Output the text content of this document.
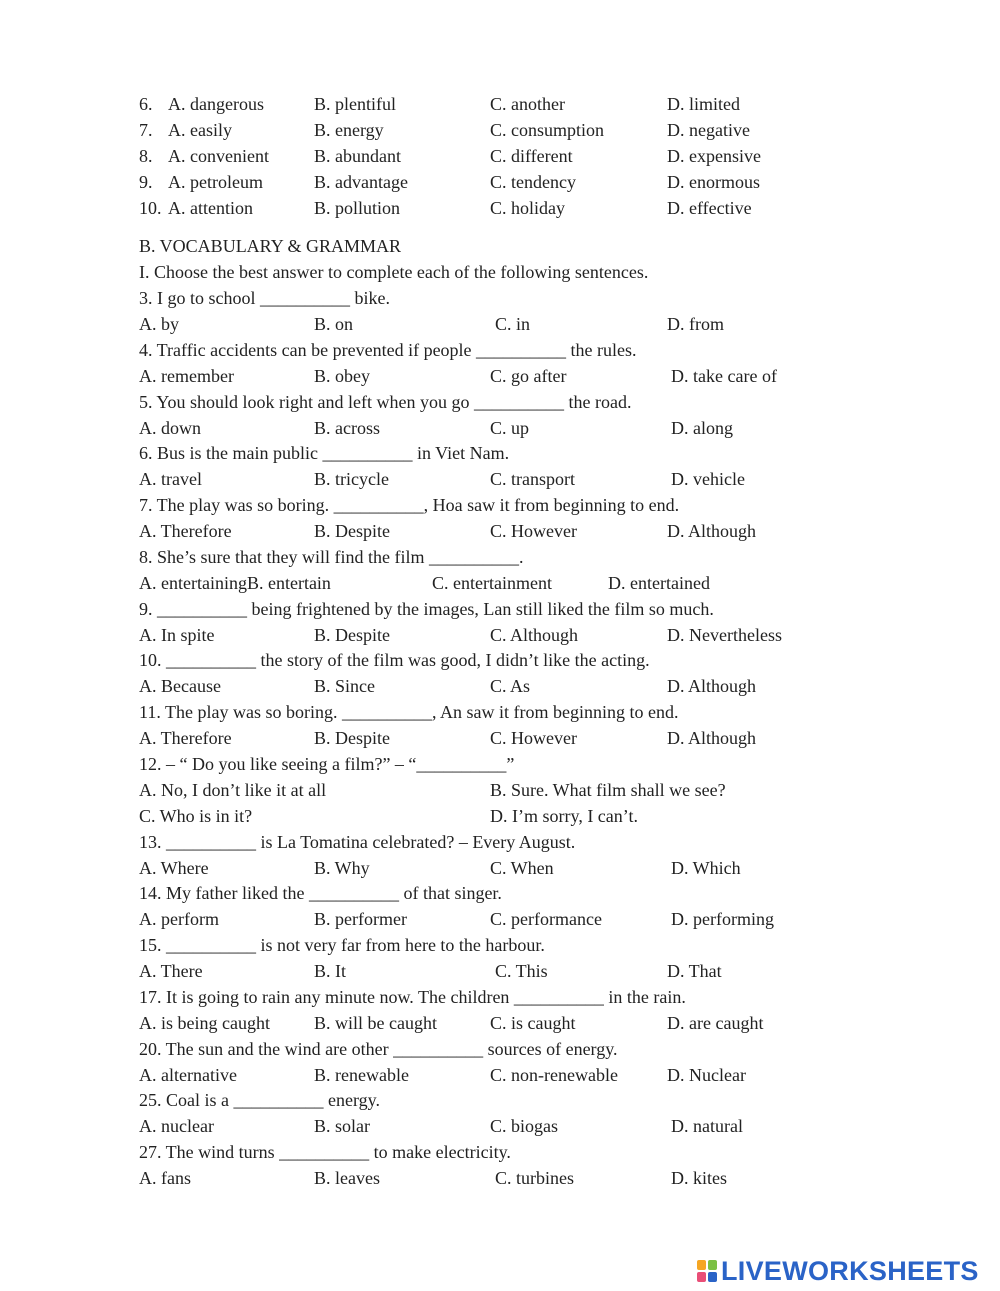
6. A. dangerous	B. plentiful	C. another	D. limited
7. A. easily	B. energy	C. consumption	D. negative
8. A. convenient	B. abundant	C. different	D. expensive
9. A. petroleum	B. advantage	C. tendency	D. enormous
10. A. attention	B. pollution	C. holiday	D. effective
B. VOCABULARY & GRAMMAR
I. Choose the best answer to complete each of the following sentences.
3. I go to school __________ bike.
A. by	B. on	C. in	D. from
4. Traffic accidents can be prevented if people __________ the rules.
A. remember	B. obey	C. go after	D. take care of
5. You should look right and left when you go __________ the road.
A. down	B. across	C. up	D. along
6. Bus is the main public __________ in Viet Nam.
A. travel	B. tricycle	C. transport	D. vehicle
7. The play was so boring. __________, Hoa saw it from beginning to end.
A. Therefore	B. Despite	C. However	D. Although
8. She’s sure that they will find the film __________.
A. entertainingB. entertain	C. entertainment	D. entertained
9. __________ being frightened by the images, Lan still liked the film so much.
A. In spite	B. Despite	C. Although	D. Nevertheless
10. __________ the story of the film was good, I didn’t like the acting.
A. Because	B. Since	C. As	D. Although
11. The play was so boring. __________, An saw it from beginning to end.
A. Therefore	B. Despite	C. However	D. Although
12. – “ Do you like seeing a film?” – “__________”
A. No, I don’t like it at all	B. Sure. What film shall we see?
C. Who is in it?	D. I’m sorry, I can’t.
13. __________ is La Tomatina celebrated? – Every August.
A. Where	B. Why	C. When	D. Which
14. My father liked the __________ of that singer.
A. perform	B. performer	C. performance	D. performing
15. __________ is not very far from here to the harbour.
A. There	B. It	C. This	D. That
17. It is going to rain any minute now. The children __________ in the rain.
A. is being caught B. will be caught	C. is caught	D. are caught
20. The sun and the wind are other __________ sources of energy.
A. alternative	B. renewable	C. non-renewable	D. Nuclear
25. Coal is a __________ energy.
A. nuclear	B. solar	C. biogas	D. natural
27. The wind turns __________ to make electricity.
A. fans	B. leaves	C. turbines	D. kites
LIVEWORKSHEETS
